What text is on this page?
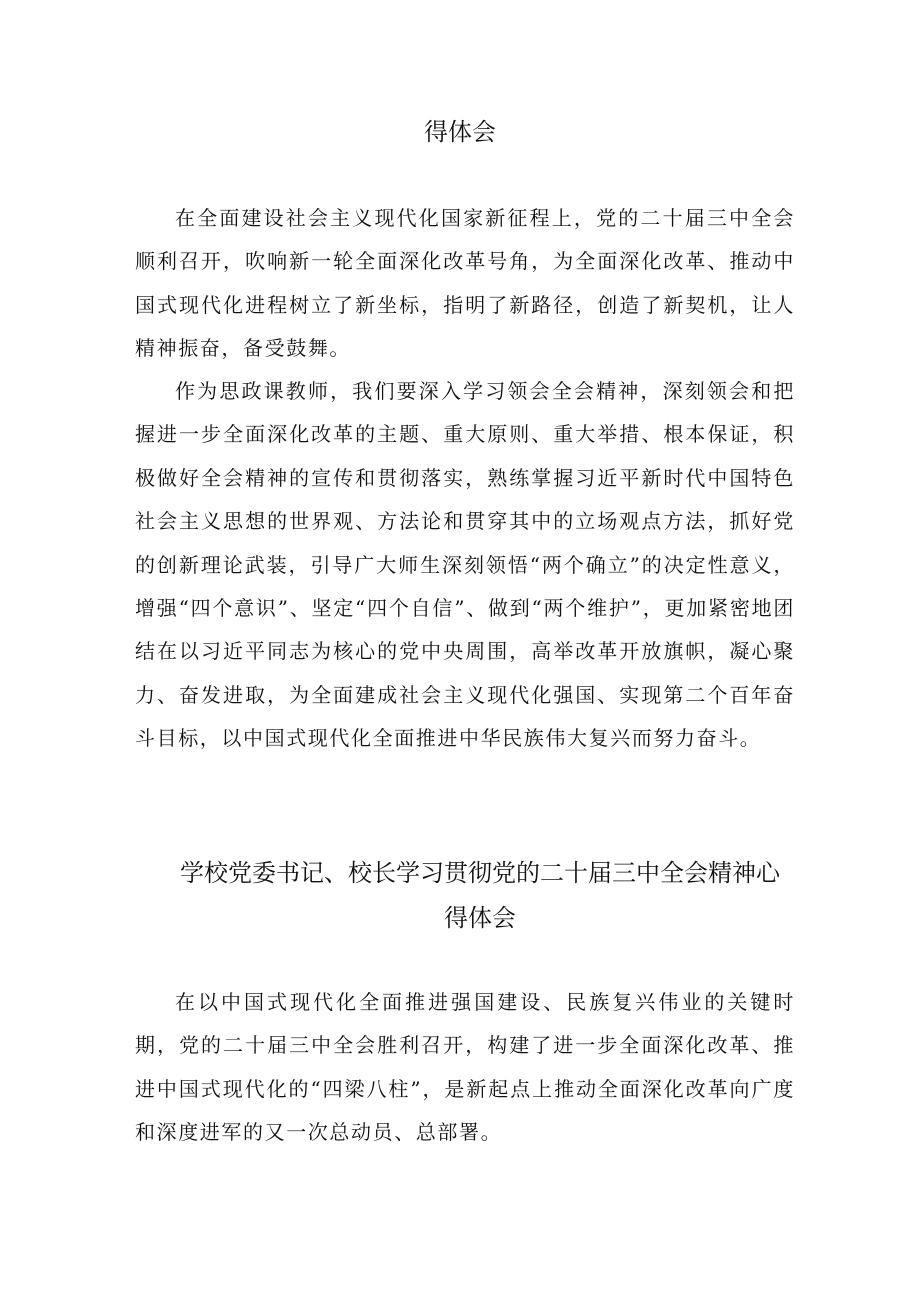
得体会

在全面建设社会主义现代化国家新征程上，党的二十届三中全会顺利召开，吹响新一轮全面深化改革号角，为全面深化改革、推动中国式现代化进程树立了新坐标，指明了新路径，创造了新契机，让人精神振奋，备受鼓舞。

作为思政课教师，我们要深入学习领会全会精神，深刻领会和把握进一步全面深化改革的主题、重大原则、重大举措、根本保证，积极做好全会精神的宣传和贯彻落实，熟练掌握习近平新时代中国特色社会主义思想的世界观、方法论和贯穿其中的立场观点方法，抓好党的创新理论武装，引导广大师生深刻领悟“两个确立”的决定性意义，增强“四个意识”、坚定“四个自信”、做到“两个维护”，更加紧密地团结在以习近平同志为核心的党中央周围，高举改革开放旗帜，凝心聚力、奋发进取，为全面建成社会主义现代化强国、实现第二个百年奋斗目标，以中国式现代化全面推进中华民族伟大复兴而努力奋斗。

学校党委书记、校长学习贯彻党的二十届三中全会精神心得体会

在以中国式现代化全面推进强国建设、民族复兴伟业的关键时期，党的二十届三中全会胜利召开，构建了进一步全面深化改革、推进中国式现代化的“四梁八柱”，是新起点上推动全面深化改革向广度和深度进军的又一次总动员、总部署。
